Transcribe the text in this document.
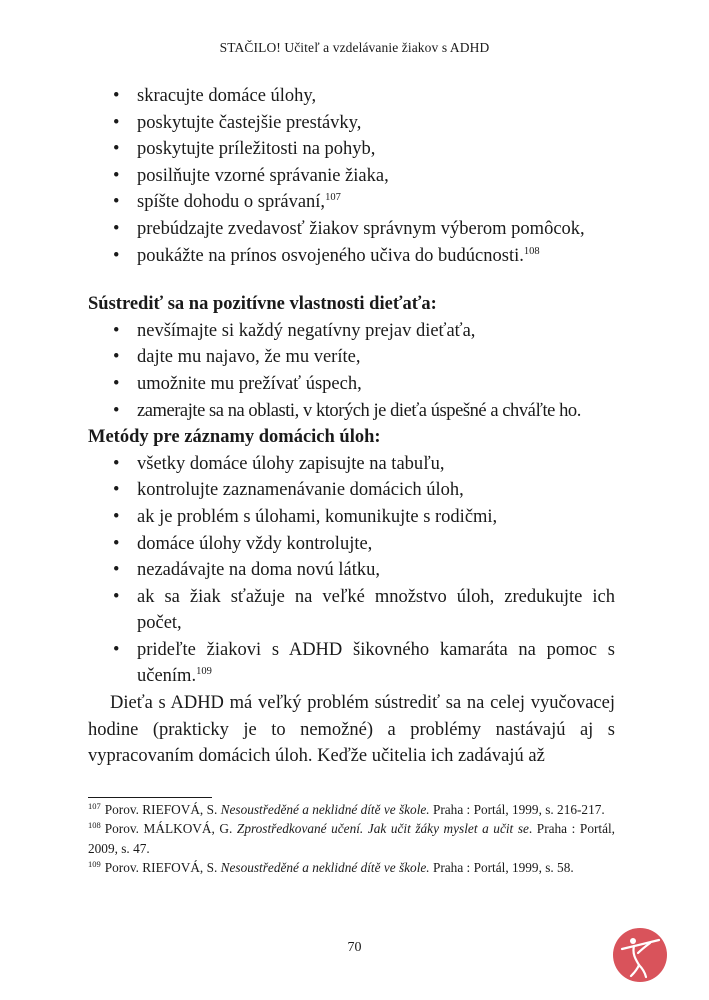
STAČILO! Učiteľ a vzdelávanie žiakov s ADHD
• skracujte domáce úlohy,
• poskytujte častejšie prestávky,
• poskytujte príležitosti na pohyb,
• posilňujte vzorné správanie žiaka,
• spíšte dohodu o správaní,$^{107}$
• prebúdzajte zvedavosť žiakov správnym výberom pomôcok,
• poukážte na prínos osvojeného učiva do budúcnosti.$^{108}$

Sústrediť sa na pozitívne vlastnosti dieťaťa:

• nevšímajte si každý negatívny prejav dieťaťa,
• dajte mu najavo, že mu veríte,
• umožnite mu prežívať úspech,
• zamerajte sa na oblasti, v ktorých je dieťa úspešné a chváľte ho.

Metódy pre záznamy domácich úloh:

• všetky domáce úlohy zapisujte na tabuľu,
• kontrolujte zaznamenávanie domácich úloh,
• ak je problém s úlohami, komunikujte s rodičmi,
• domáce úlohy vždy kontrolujte,
• nezadávajte na doma novú látku,
• ak sa žiak sťažuje na veľké množstvo úloh, zredukujte ich počet,
• prideľte žiakovi s ADHD šikovného kamaráta na pomoc s učením.$^{109}$

Dieťa s ADHD má veľký problém sústrediť sa na celej vyučovacej hodine (prakticky je to nemožné) a problémy nastávajú aj s vypracovaním domácich úloh. Keďže učitelia ich zadávajú až

$^{107}$ Porov. RIEFOVÁ, S. Nesoustředěné a neklidné dítě ve škole. Praha : Portál, 1999, s. 216-217.

$^{108}$ Porov. MÁLKOVÁ, G. Zprostředkované učení. Jak učit žáky myslet a učit se. Praha : Portál, 2009, s. 47.

$^{109}$ Porov. RIEFOVÁ, S. Nesoustředěné a neklidné dítě ve škole. Praha : Portál, 1999, s. 58.

70
